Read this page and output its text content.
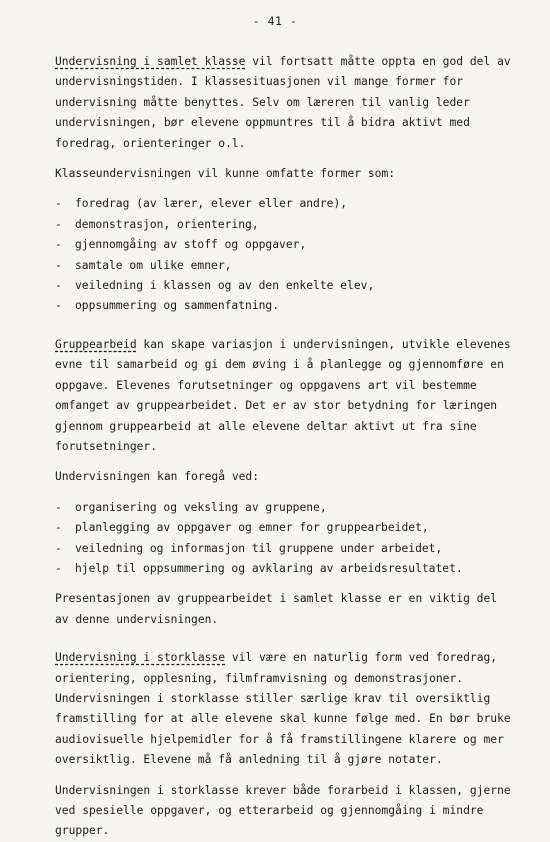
- 41 -

Undervisning i samlet klasse vil fortsatt måtte oppta en god del av undervisningstiden. I klassesituasjonen vil mange former for undervisning måtte benyttes. Selv om læreren til vanlig leder undervisningen, bør elevene oppmuntres til å bidra aktivt med foredrag, orienteringer o.l.

Klasseundervisningen vil kunne omfatte former som:

- foredrag (av lærer, elever eller andre),
- demonstrasjon, orientering,
- gjennomgåing av stoff og oppgaver,
- samtale om ulike emner,
- veiledning i klassen og av den enkelte elev,
- oppsummering og sammenfatning.

Gruppearbeid kan skape variasjon i undervisningen, utvikle elevenes evne til samarbeid og gi dem øving i å planlegge og gjennomføre en oppgave. Elevenes forutsetninger og oppgavens art vil bestemme omfanget av gruppearbeidet. Det er av stor betydning for læringen gjennom gruppearbeid at alle elevene deltar aktivt ut fra sine forutsetninger.

Undervisningen kan foregå ved:

- organisering og veksling av gruppene,
- planlegging av oppgaver og emner for gruppearbeidet,
- veiledning og informasjon til gruppene under arbeidet,
- hjelp til oppsummering og avklaring av arbeidsresultatet.

Presentasjonen av gruppearbeidet i samlet klasse er en viktig del av denne undervisningen.

Undervisning i storklasse vil være en naturlig form ved foredrag, orientering, opplesning, filmframvisning og demonstrasjoner. Undervisningen i storklasse stiller særlige krav til oversiktlig framstilling for at alle elevene skal kunne følge med. En bør bruke audiovisuelle hjelpemidler for å få framstillingene klarere og mer oversiktlig. Elevene må få anledning til å gjøre notater.

Undervisningen i storklasse krever både forarbeid i klassen, gjerne ved spesielle oppgaver, og etterarbeid og gjennomgåing i mindre grupper.
